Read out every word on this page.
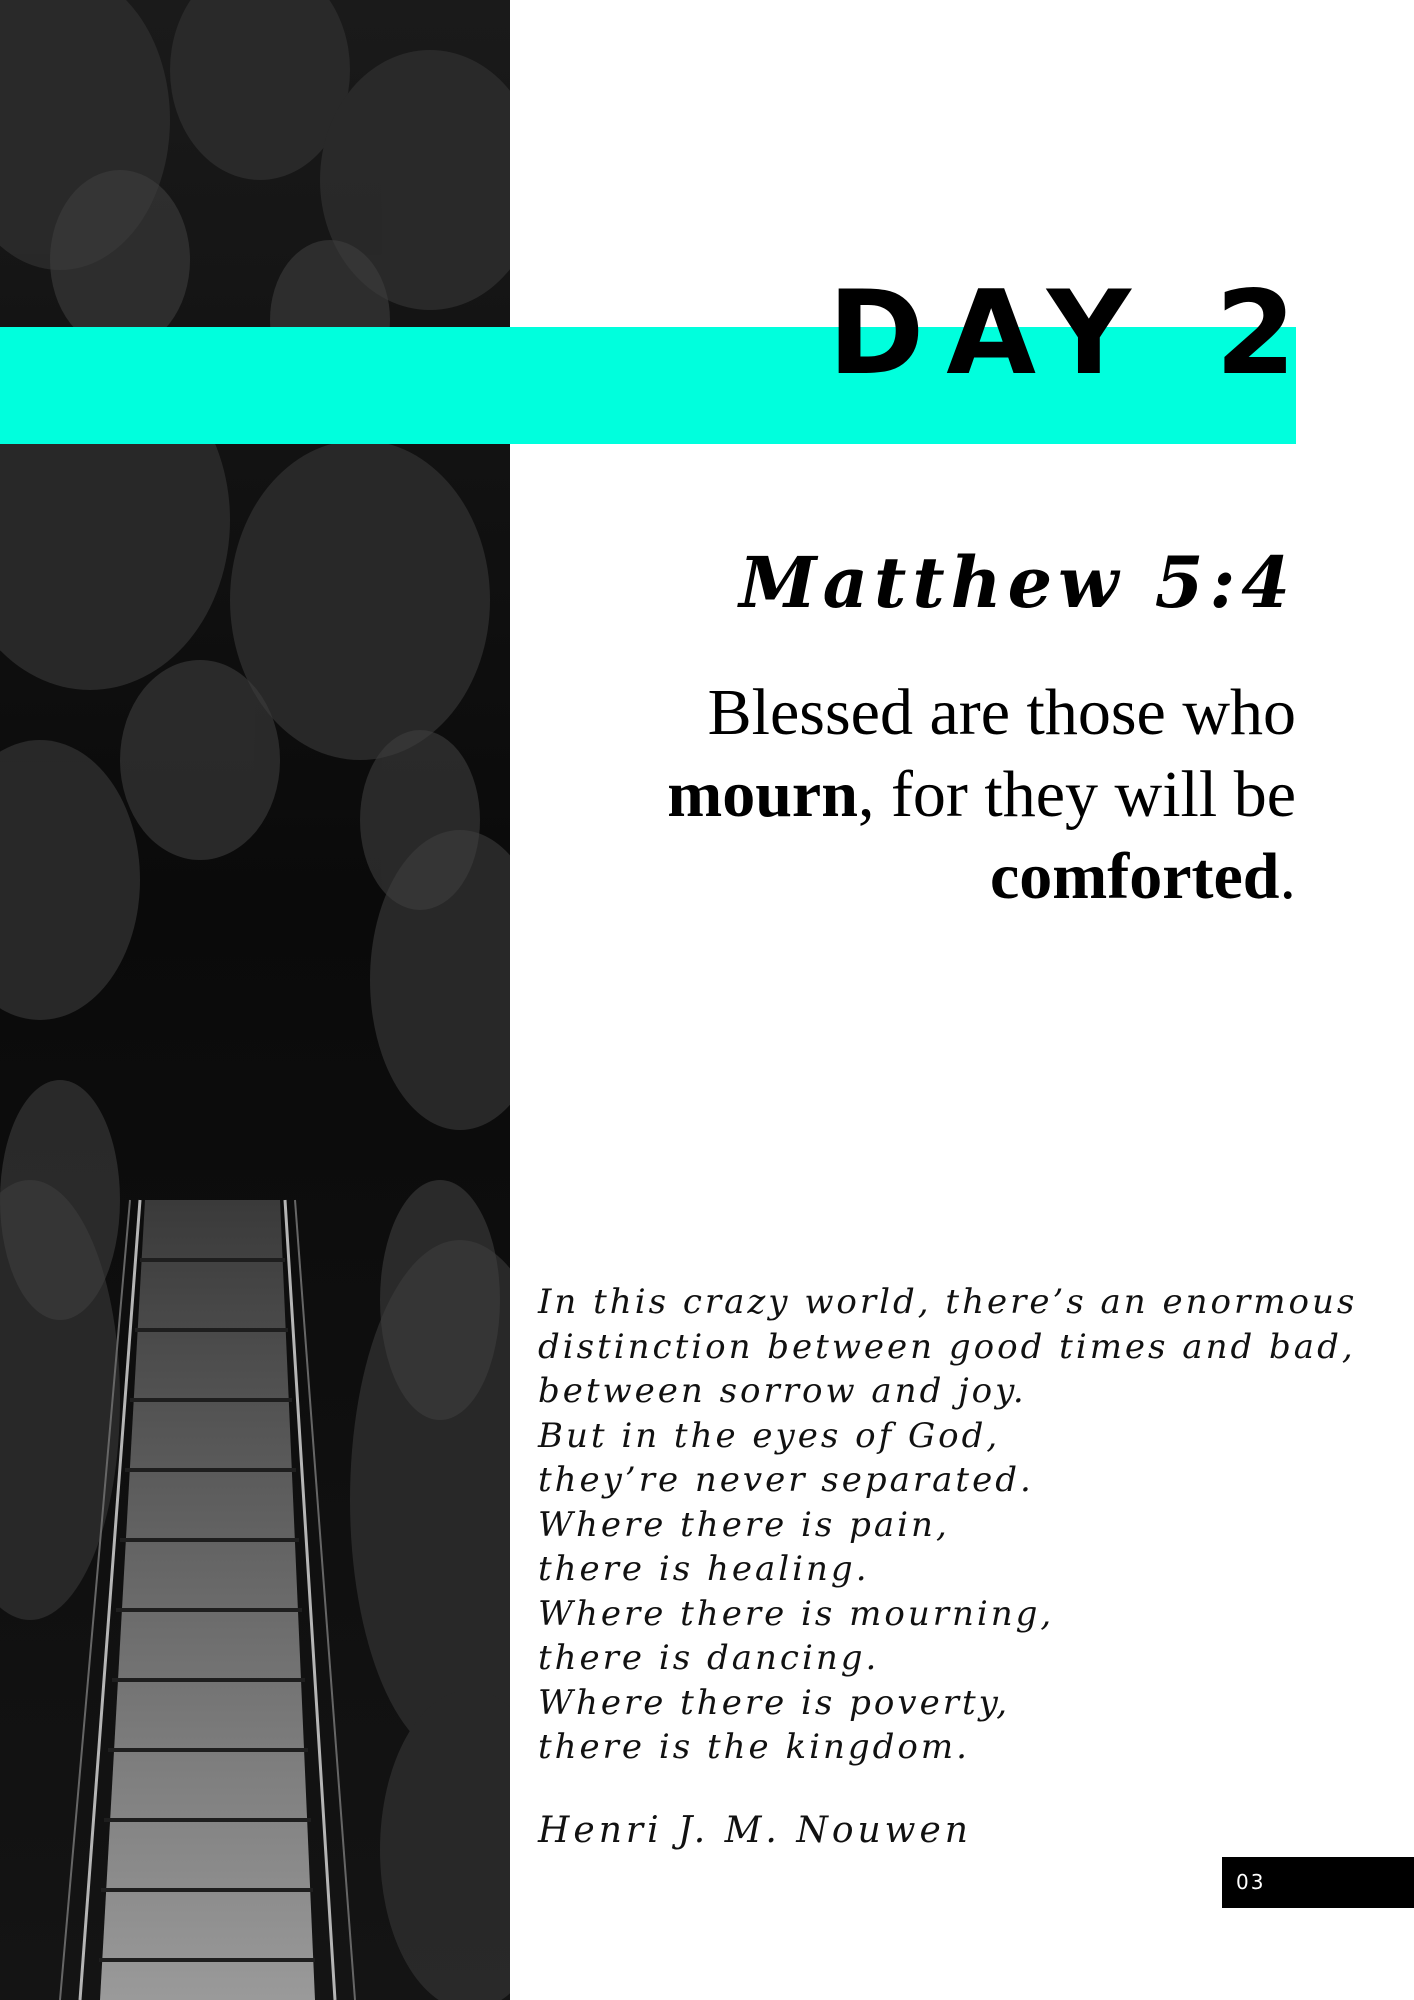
DAY 2
Matthew 5:4

Blessed are those who mourn, for they will be comforted.

In this crazy world, there’s an enormous
distinction between good times and bad,
between sorrow and joy.
But in the eyes of God,
they’re never separated.
Where there is pain,
there is healing.
Where there is mourning,
there is dancing.
Where there is poverty,
there is the kingdom.

Henri J. M. Nouwen

03
